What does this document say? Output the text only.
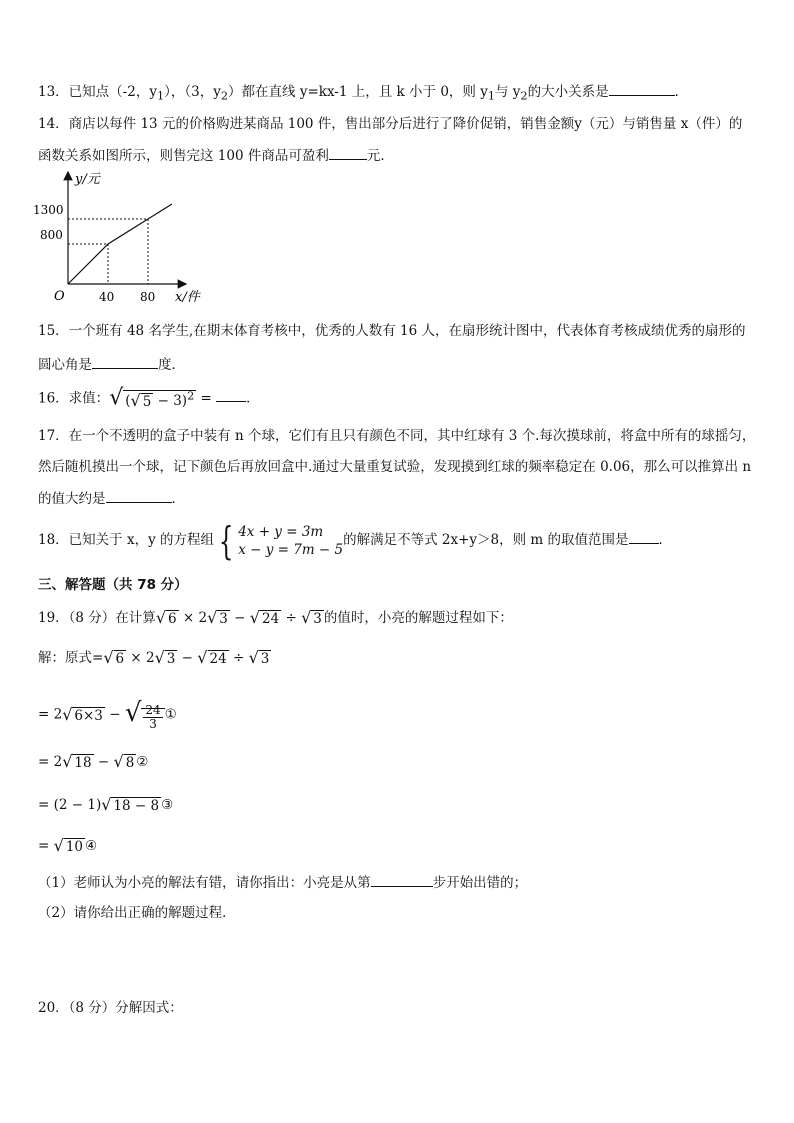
13．已知点（-2，$y_1$），（3，$y_2$）都在直线 y=kx-1 上，且 k 小于 0，则 $y_1$与 $y_2$的大小关系是	．
14．商店以每件 13 元的价格购进某商品 100 件，售出部分后进行了降价促销，销售金额y（元）与销售量 x（件）的
函数关系如图所示，则售完这 100 件商品可盈利	元．
y/元
x/件
O
1300
800
40 80
15．一个班有 48 名学生,在期末体育考核中，优秀的人数有 16 人，在扇形统计图中，代表体育考核成绩优秀的扇形的
圆心角是	度．
16．求值：√ (√ 5 − 3)$^2$ =	．
17．在一个不透明的盒子中装有 n 个球，它们有且只有颜色不同，其中红球有 3 个.每次摸球前，将盒中所有的球摇匀，
然后随机摸出一个球，记下颜色后再放回盒中.通过大量重复试验，发现摸到红球的频率稳定在 0.06，那么可以推算出 n
的值大约是	．
18．已知关于 x，y 的方程组 { 4x + y = 3m
x − y = 7m − 5
的解满足不等式 2x+y＞8，则 m 的取值范围是 ．
三、解答题（共 78 分）
19．（8 分）在计算√ 6 × 2√ 3 − √ 24 ÷ √ 3 的值时，小亮的解题过程如下：
解：原式=√ 6 × 2√ 3 − √ 24 ÷ √ 3
= 2√ 6×3 − √ $\frac{24}{3}$ ①
= 2√ 18 − √ 8 ②
= (2 − 1)√ 18 − 8 ③
= √ 10 ④
（1）老师认为小亮的解法有错，请你指出：小亮是从第	步开始出错的；
（2）请你给出正确的解题过程．
20．（8 分）分解因式：
